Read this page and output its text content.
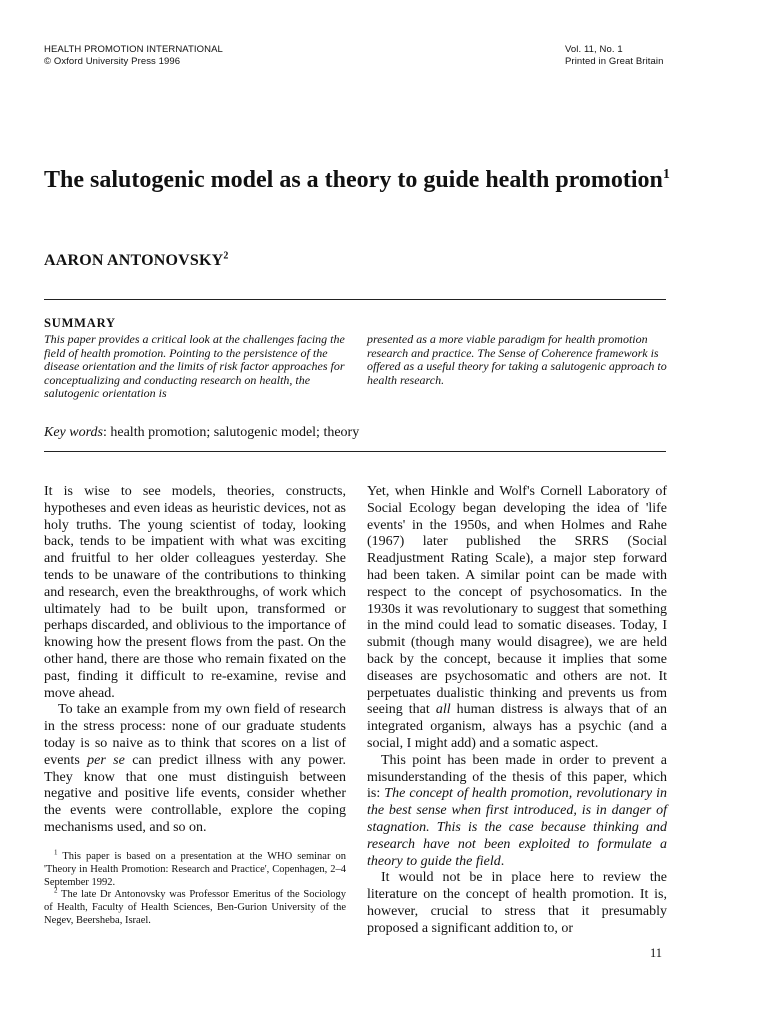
HEALTH PROMOTION INTERNATIONAL
© Oxford University Press 1996
Vol. 11, No. 1
Printed in Great Britain
The salutogenic model as a theory to guide health promotion$^1$
AARON ANTONOVSKY$^2$
SUMMARY
This paper provides a critical look at the challenges facing the field of health promotion. Pointing to the persistence of the disease orientation and the limits of risk factor approaches for conceptualizing and conducting research on health, the salutogenic orientation is
presented as a more viable paradigm for health promotion research and practice. The Sense of Coherence framework is offered as a useful theory for taking a salutogenic approach to health research.
Key words: health promotion; salutogenic model; theory

It is wise to see models, theories, constructs, hypotheses and even ideas as heuristic devices, not as holy truths. The young scientist of today, looking back, tends to be impatient with what was exciting and fruitful to her older colleagues yesterday. She tends to be unaware of the contributions to thinking and research, even the breakthroughs, of work which ultimately had to be built upon, transformed or perhaps discarded, and oblivious to the importance of knowing how the present flows from the past. On the other hand, there are those who remain fixated on the past, finding it difficult to re-examine, revise and move ahead.

To take an example from my own field of research in the stress process: none of our graduate students today is so naive as to think that scores on a list of events per se can predict illness with any power. They know that one must distinguish between negative and positive life events, consider whether the events were controllable, explore the coping mechanisms used, and so on.

$^1$ This paper is based on a presentation at the WHO seminar on 'Theory in Health Promotion: Research and Practice', Copenhagen, 2–4 September 1992.

$^2$ The late Dr Antonovsky was Professor Emeritus of the Sociology of Health, Faculty of Health Sciences, Ben-Gurion University of the Negev, Beersheba, Israel.

Yet, when Hinkle and Wolf's Cornell Laboratory of Social Ecology began developing the idea of 'life events' in the 1950s, and when Holmes and Rahe (1967) later published the SRRS (Social Readjustment Rating Scale), a major step forward had been taken. A similar point can be made with respect to the concept of psychosomatics. In the 1930s it was revolutionary to suggest that something in the mind could lead to somatic diseases. Today, I submit (though many would disagree), we are held back by the concept, because it implies that some diseases are psychosomatic and others are not. It perpetuates dualistic thinking and prevents us from seeing that all human distress is always that of an integrated organism, always has a psychic (and a social, I might add) and a somatic aspect.

This point has been made in order to prevent a misunderstanding of the thesis of this paper, which is: The concept of health promotion, revolutionary in the best sense when first introduced, is in danger of stagnation. This is the case because thinking and research have not been exploited to formulate a theory to guide the field.

It would not be in place here to review the literature on the concept of health promotion. It is, however, crucial to stress that it presumably proposed a significant addition to, or

11
